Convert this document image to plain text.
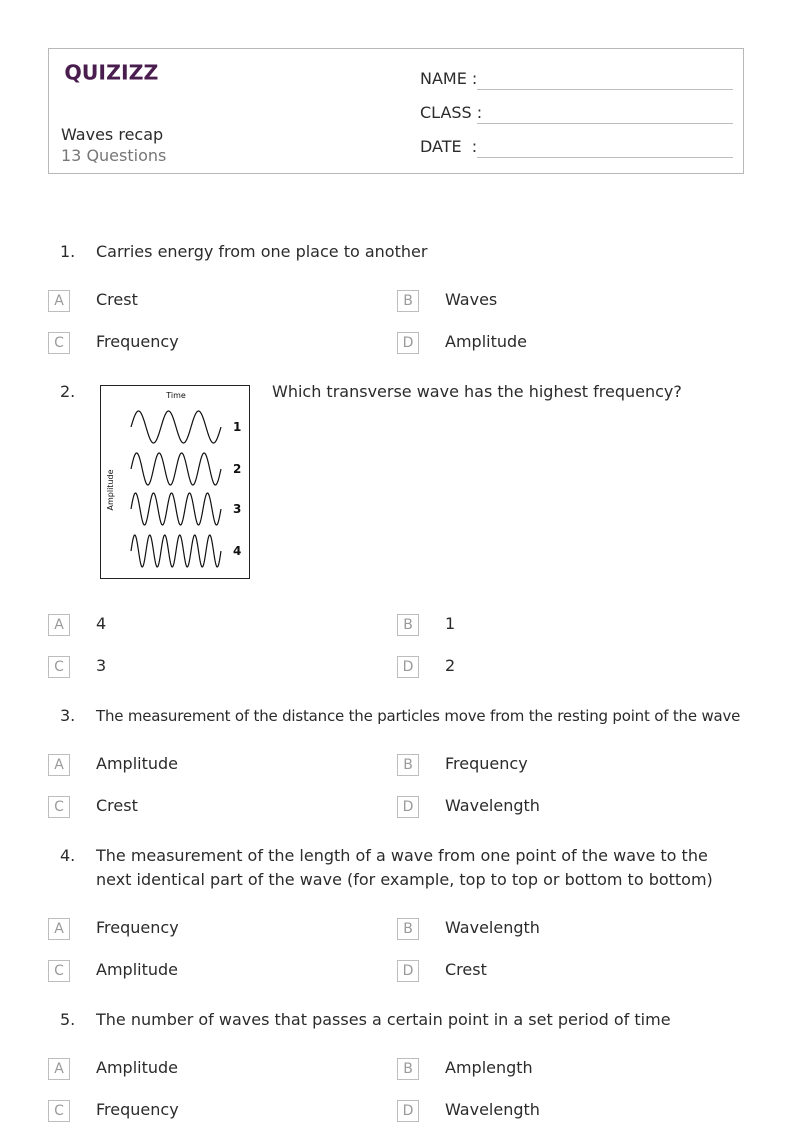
QUIZIZZ
Waves recap
13 Questions
NAME :
CLASS :
DATE  :
1. Carries energy from one place to another
A	Crest	B	Waves
C	Frequency	D	Amplitude
2.	Time
Amplitude
1
2
3
4
Which transverse wave has the highest frequency?
A	4	B	1
C	3	D	2
3. The measurement of the distance the particles move from the resting point of the wave
A	Amplitude	B	Frequency
C	Crest	D	Wavelength
4. The measurement of the length of a wave from one point of the wave to the next identical part of the wave (for example, top to top or bottom to bottom)
A	Frequency	B	Wavelength
C	Amplitude	D	Crest
5. The number of waves that passes a certain point in a set period of time
A	Amplitude	B	Amplength
C	Frequency	D	Wavelength
